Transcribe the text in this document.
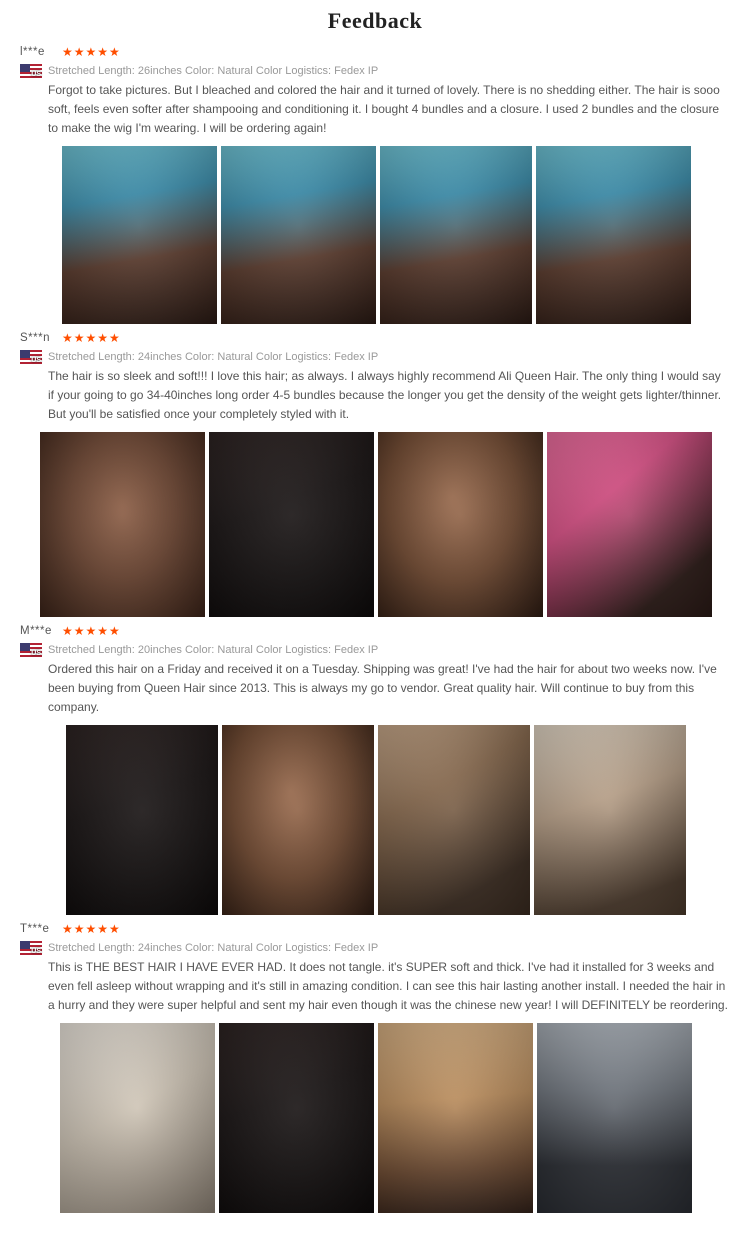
Feedback
l***e	★★★★★
US Stretched Length: 26inches Color: Natural Color Logistics: Fedex IP
Forgot to take pictures. But I bleached and colored the hair and it turned of lovely. There is no shedding either. The hair is sooo soft, feels even softer after shampooing and conditioning it. I bought 4 bundles and a closure. I used 2 bundles and the closure to make the wig I'm wearing. I will be ordering again!
S***n	★★★★★
US Stretched Length: 24inches Color: Natural Color Logistics: Fedex IP
The hair is so sleek and soft!!! I love this hair; as always. I always highly recommend Ali Queen Hair. The only thing I would say if your going to go 34-40inches long order 4-5 bundles because the longer you get the density of the weight gets lighter/thinner. But you'll be satisfied once your completely styled with it.
M***e ★★★★★
US Stretched Length: 20inches Color: Natural Color Logistics: Fedex IP
Ordered this hair on a Friday and received it on a Tuesday. Shipping was great! I've had the hair for about two weeks now. I've been buying from Queen Hair since 2013. This is always my go to vendor. Great quality hair. Will continue to buy from this company.
T***e	★★★★★
US Stretched Length: 24inches Color: Natural Color Logistics: Fedex IP
This is THE BEST HAIR I HAVE EVER HAD. It does not tangle. it's SUPER soft and thick. I've had it installed for 3 weeks and even fell asleep without wrapping and it's still in amazing condition. I can see this hair lasting another install. I needed the hair in a hurry and they were super helpful and sent my hair even though it was the chinese new year! I will DEFINITELY be reordering.
